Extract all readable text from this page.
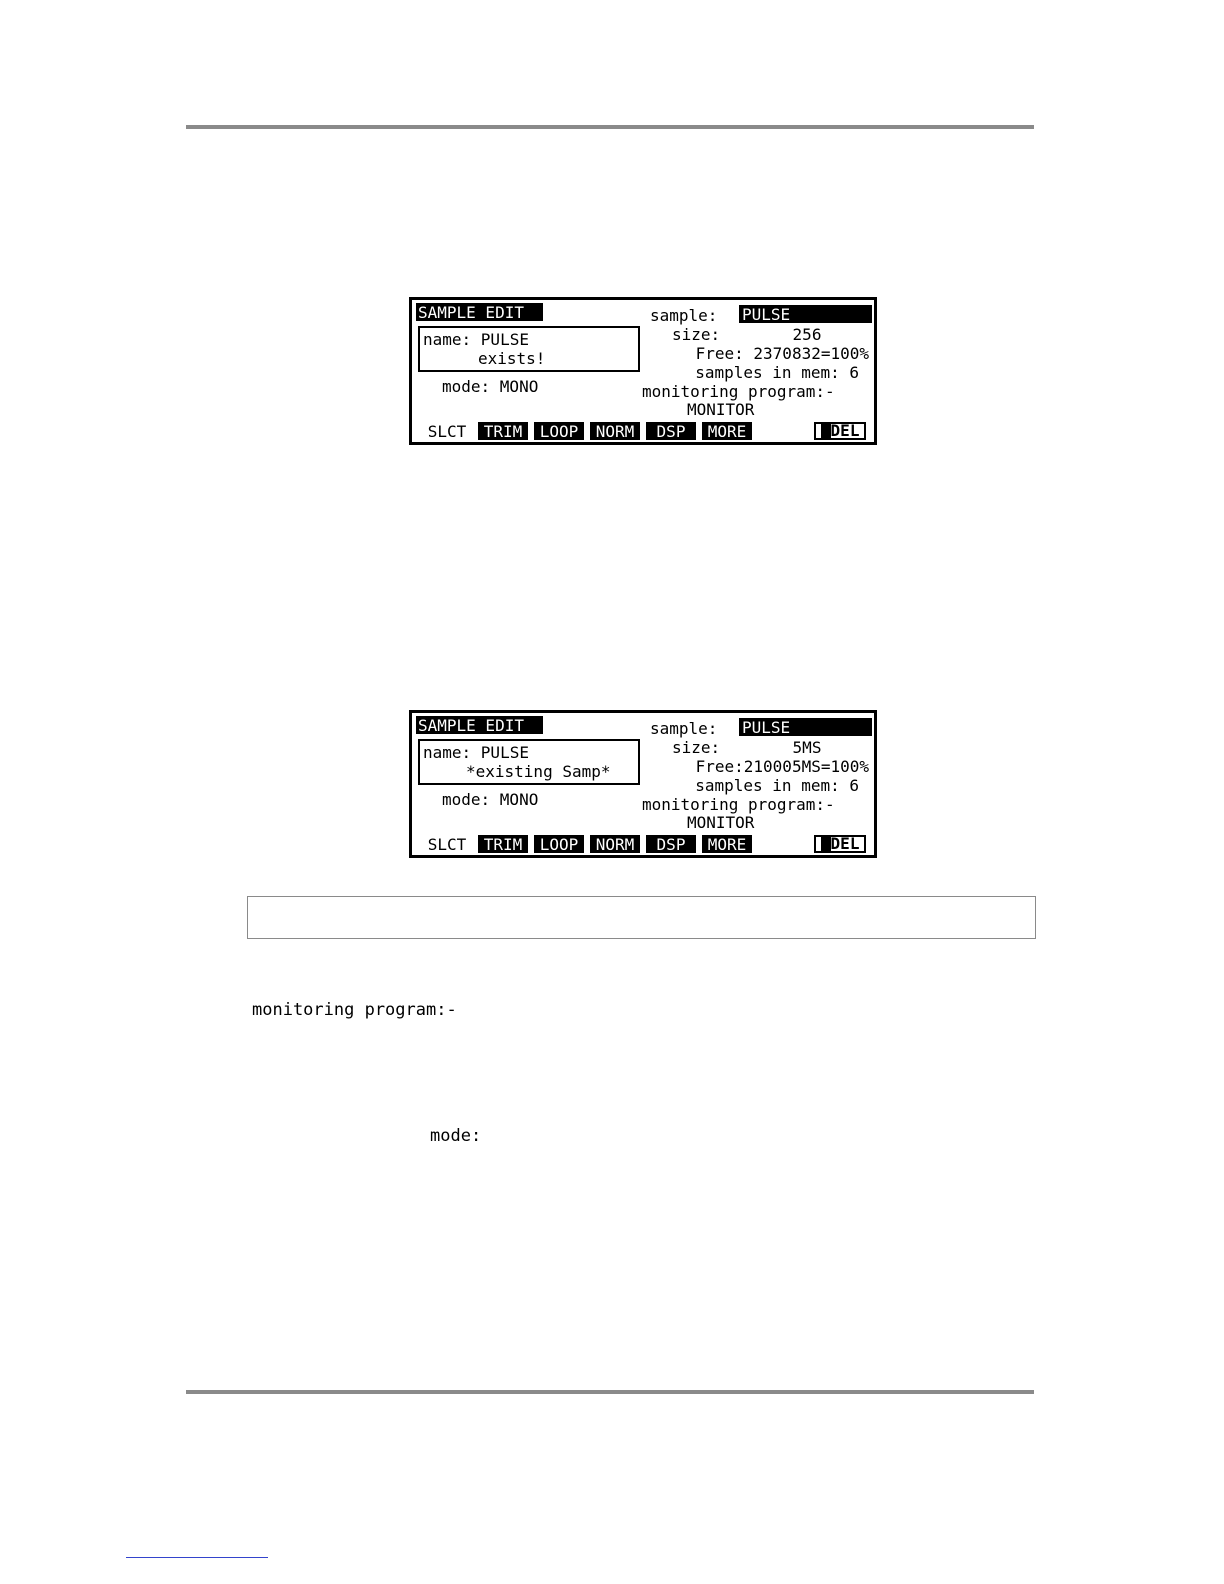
SAMPLE EDIT
name: PULSE
exists!
mode: MONO
sample: PULSE
size:	256
Free: 2370832=100%
samples in mem: 6
monitoring program:-
MONITOR
SLCT	TRIM	LOOP	NORM	DSP	MORE	DEL
SAMPLE EDIT
name: PULSE
*existing Samp*
mode: MONO
sample: PULSE
size:	5MS
Free:210005MS=100%
samples in mem: 6
monitoring program:-
MONITOR
SLCT	TRIM	LOOP	NORM	DSP	MORE	DEL
monitoring program:-
mode:
